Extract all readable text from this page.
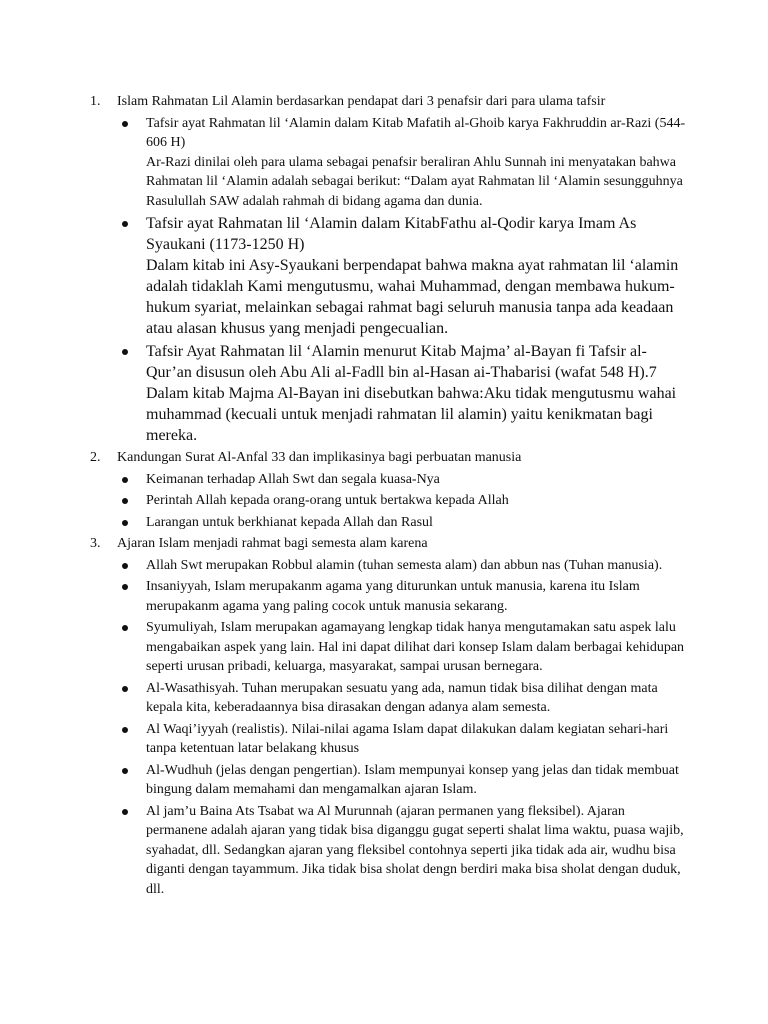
1. Islam Rahmatan Lil Alamin berdasarkan pendapat dari 3 penafsir dari para ulama tafsir
Tafsir ayat Rahmatan lil ‘Alamin dalam Kitab Mafatih al-Ghoib karya Fakhruddin ar-Razi (544-606 H)
Ar-Razi dinilai oleh para ulama sebagai penafsir beraliran Ahlu Sunnah ini menyatakan bahwa Rahmatan lil ‘Alamin adalah sebagai berikut: “Dalam ayat Rahmatan lil ‘Alamin sesungguhnya Rasulullah SAW adalah rahmah di bidang agama dan dunia.
Tafsir ayat Rahmatan lil ‘Alamin dalam KitabFathu al-Qodir karya Imam As Syaukani (1173-1250 H)
Dalam kitab ini Asy-Syaukani berpendapat bahwa makna ayat rahmatan lil ‘alamin adalah tidaklah Kami mengutusmu, wahai Muhammad, dengan membawa hukum-hukum syariat, melainkan sebagai rahmat bagi seluruh manusia tanpa ada keadaan atau alasan khusus yang menjadi pengecualian.
Tafsir Ayat Rahmatan lil ‘Alamin menurut Kitab Majma’ al-Bayan fi Tafsir al-Qur’an disusun oleh Abu Ali al-Fadll bin al-Hasan ai-Thabarisi (wafat 548 H).7
Dalam kitab Majma Al-Bayan ini disebutkan bahwa:Aku tidak mengutusmu wahai muhammad (kecuali untuk menjadi rahmatan lil alamin) yaitu kenikmatan bagi mereka.
2. Kandungan Surat Al-Anfal 33 dan implikasinya bagi perbuatan manusia
Keimanan terhadap Allah Swt dan segala kuasa-Nya
Perintah Allah kepada orang-orang untuk bertakwa kepada Allah
Larangan untuk berkhianat kepada Allah dan Rasul
3. Ajaran Islam menjadi rahmat bagi semesta alam karena
Allah Swt merupakan Robbul alamin (tuhan semesta alam) dan abbun nas (Tuhan manusia).
Insaniyyah, Islam merupakanm agama yang diturunkan untuk manusia, karena itu Islam merupakanm agama yang paling cocok untuk manusia sekarang.
Syumuliyah, Islam merupakan agamayang lengkap tidak hanya mengutamakan satu aspek lalu mengabaikan aspek yang lain. Hal ini dapat dilihat dari konsep Islam dalam berbagai kehidupan seperti urusan pribadi, keluarga, masyarakat, sampai urusan bernegara.
Al-Wasathisyah. Tuhan merupakan sesuatu yang ada, namun tidak bisa dilihat dengan mata kepala kita, keberadaannya bisa dirasakan dengan adanya alam semesta.
Al Waqi’iyyah (realistis). Nilai-nilai agama Islam dapat dilakukan dalam kegiatan sehari-hari tanpa ketentuan latar belakang khusus
Al-Wudhuh (jelas dengan pengertian). Islam mempunyai konsep yang jelas dan tidak membuat bingung dalam memahami dan mengamalkan ajaran Islam.
Al jam’u Baina Ats Tsabat wa Al Murunnah (ajaran permanen yang fleksibel). Ajaran permanene adalah ajaran yang tidak bisa diganggu gugat seperti shalat lima waktu, puasa wajib, syahadat, dll. Sedangkan ajaran yang fleksibel contohnya seperti jika tidak ada air, wudhu bisa diganti dengan tayammum. Jika tidak bisa sholat dengn berdiri maka bisa sholat dengan duduk, dll.
